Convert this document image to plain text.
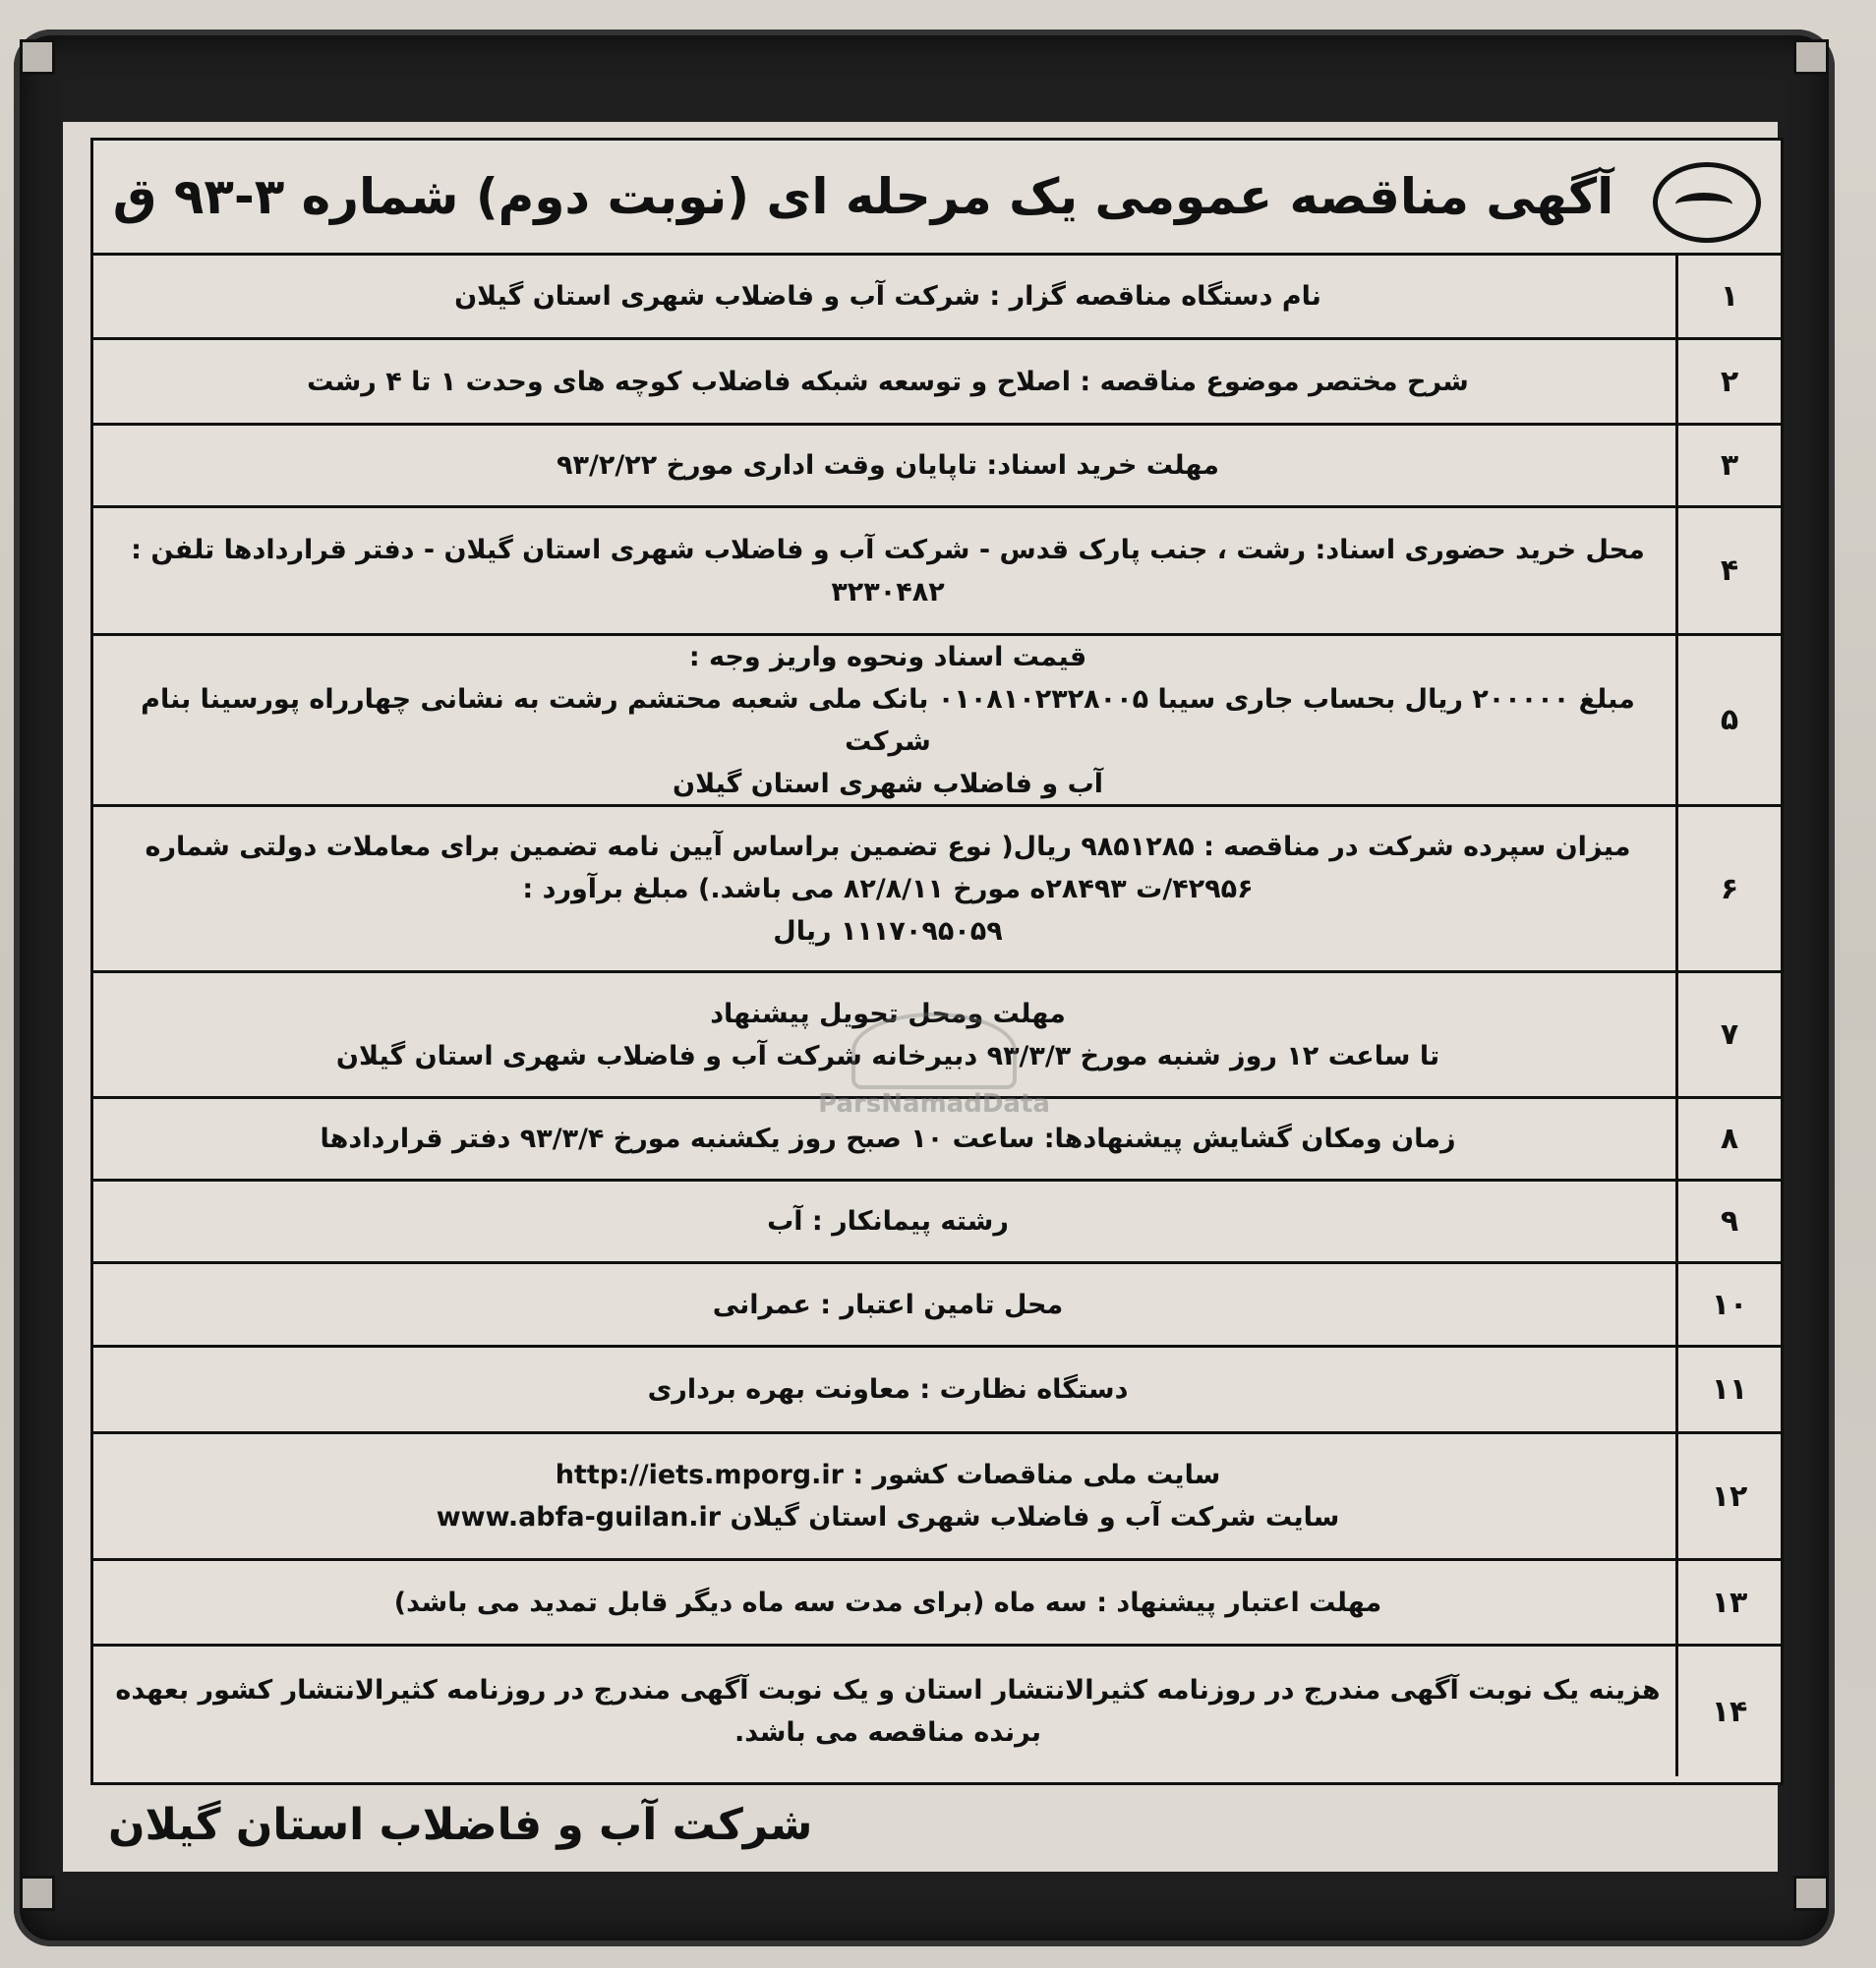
آگهی مناقصه عمومی یک مرحله ای (نوبت دوم) شماره ۳-۹۳ ق
۱
نام دستگاه مناقصه گزار : شرکت آب و فاضلاب شهری استان گیلان
۲
شرح مختصر موضوع مناقصه : اصلاح و توسعه شبکه فاضلاب کوچه های وحدت ۱ تا ۴ رشت
۳
مهلت خرید اسناد: تاپایان وقت اداری مورخ ۹۳/۲/۲۲
۴
محل خرید حضوری اسناد: رشت ، جنب پارک قدس - شرکت آب و فاضلاب شهری استان گیلان - دفتر قراردادها تلفن :
۳۲۳۰۴۸۲
۵
قیمت اسناد ونحوه واریز وجه :
مبلغ ۲۰۰۰۰۰ ریال بحساب جاری سیبا ۰۱۰۸۱۰۲۳۲۸۰۰۵ بانک ملی شعبه محتشم رشت به نشانی چهارراه پورسینا بنام شرکت
آب و فاضلاب شهری استان گیلان
۶
میزان سپرده شرکت در مناقصه : ۹۸۵۱۲۸۵ ریال( نوع تضمین براساس آیین نامه تضمین برای معاملات دولتی شماره
۴۲۹۵۶/ت ۲۸۴۹۳ه مورخ ۸۲/۸/۱۱ می باشد.) مبلغ برآورد :
۱۱۱۷۰۹۵۰۵۹ ریال
۷
مهلت ومحل تحویل پیشنهاد
تا ساعت ۱۲ روز شنبه مورخ ۹۳/۳/۳ دبیرخانه شرکت آب و فاضلاب شهری استان گیلان
۸
زمان ومکان گشایش پیشنهادها: ساعت ۱۰ صبح روز یکشنبه مورخ ۹۳/۳/۴ دفتر قراردادها
۹
رشته پیمانکار : آب
۱۰
محل تامین اعتبار : عمرانی
۱۱
دستگاه نظارت : معاونت بهره برداری
۱۲
سایت ملی مناقصات کشور : http://iets.mporg.ir
سایت شرکت آب و فاضلاب شهری استان گیلان www.abfa-guilan.ir
۱۳
مهلت اعتبار پیشنهاد : سه ماه (برای مدت سه ماه دیگر قابل تمدید می باشد)
۱۴
هزینه یک نوبت آگهی مندرج در روزنامه کثیرالانتشار استان و یک نوبت آگهی مندرج در روزنامه کثیرالانتشار کشور بعهده
برنده مناقصه می باشد.
ParsNamadData
شرکت آب و فاضلاب استان گیلان
